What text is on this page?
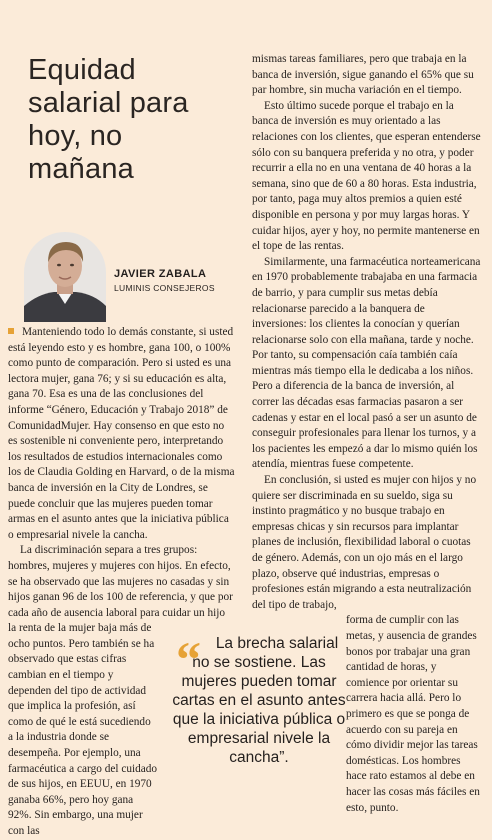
Equidad salarial para hoy, no mañana
JAVIER ZABALA
LUMINIS CONSEJEROS

Manteniendo todo lo demás constante, si usted está leyendo esto y es hombre, gana 100, o 100% como punto de comparación. Pero si usted es una lectora mujer, gana 76; y si su educación es alta, gana 70. Esa es una de las conclusiones del informe “Género, Educación y Trabajo 2018” de ComunidadMujer. Hay consenso en que esto no es sostenible ni conveniente pero, interpretando los resultados de estudios internacionales como los de Claudia Golding en Harvard, o de la misma banca de inversión en la City de Londres, se puede concluir que las mujeres pueden tomar armas en el asunto antes que la iniciativa pública o empresarial nivele la cancha.

La discriminación separa a tres grupos: hombres, mujeres y mujeres con hijos. En efecto, se ha observado que las mujeres no casadas y sin hijos ganan 96 de los 100 de referencia, y que por cada año de ausencia laboral para cuidar un hijo

la renta de la mujer baja más de ocho puntos. Pero también se ha observado que estas cifras cambian en el tiempo y dependen del tipo de actividad que implica la profesión, así como de qué le está sucediendo a la industria donde se desempeña. Por ejemplo, una farmacéutica a cargo del cuidado de sus hijos, en EEUU, en 1970 ganaba 66%, pero hoy gana 92%. Sin embargo, una mujer con las

mismas tareas familiares, pero que trabaja en la banca de inversión, sigue ganando el 65% que su par hombre, sin mucha variación en el tiempo.

Esto último sucede porque el trabajo en la banca de inversión es muy orientado a las relaciones con los clientes, que esperan entenderse sólo con su banquera preferida y no otra, y poder recurrir a ella no en una ventana de 40 horas a la semana, sino que de 60 a 80 horas. Esta industria, por tanto, paga muy altos premios a quien esté disponible en persona y por muy largas horas. Y cuidar hijos, ayer y hoy, no permite mantenerse en el tope de las rentas.

Similarmente, una farmacéutica norteamericana en 1970 probablemente trabajaba en una farmacia de barrio, y para cumplir sus metas debía relacionarse parecido a la banquera de inversiones: los clientes la conocían y querían relacionarse solo con ella mañana, tarde y noche. Por tanto, su compensación caía también caía mientras más tiempo ella le dedicaba a los niños. Pero a diferencia de la banca de inversión, al correr las décadas esas farmacias pasaron a ser cadenas y estar en el local pasó a ser un asunto de conseguir profesionales para llenar los turnos, y a los pacientes les empezó a dar lo mismo quién los atendía, mientras fuese competente.

En conclusión, si usted es mujer con hijos y no quiere ser discriminada en su sueldo, siga su instinto pragmático y no busque trabajo en empresas chicas y sin recursos para implantar planes de inclusión, flexibilidad laboral o cuotas de género. Además, con un ojo más en el largo plazo, observe qué industrias, empresas o profesiones están migrando a esta neutralización del tipo de trabajo,

forma de cumplir con las metas, y ausencia de grandes bonos por trabajar una gran cantidad de horas, y comience por orientar su carrera hacia allá. Pero lo primero es que se ponga de acuerdo con su pareja en cómo dividir mejor las tareas domésticas. Los hombres hace rato estamos al debe en hacer las cosas más fáciles en esto, punto.

“ La brecha salarial no se sostiene. Las mujeres pueden tomar cartas en el asunto antes que la iniciativa pública o empresarial nivele la cancha”.
